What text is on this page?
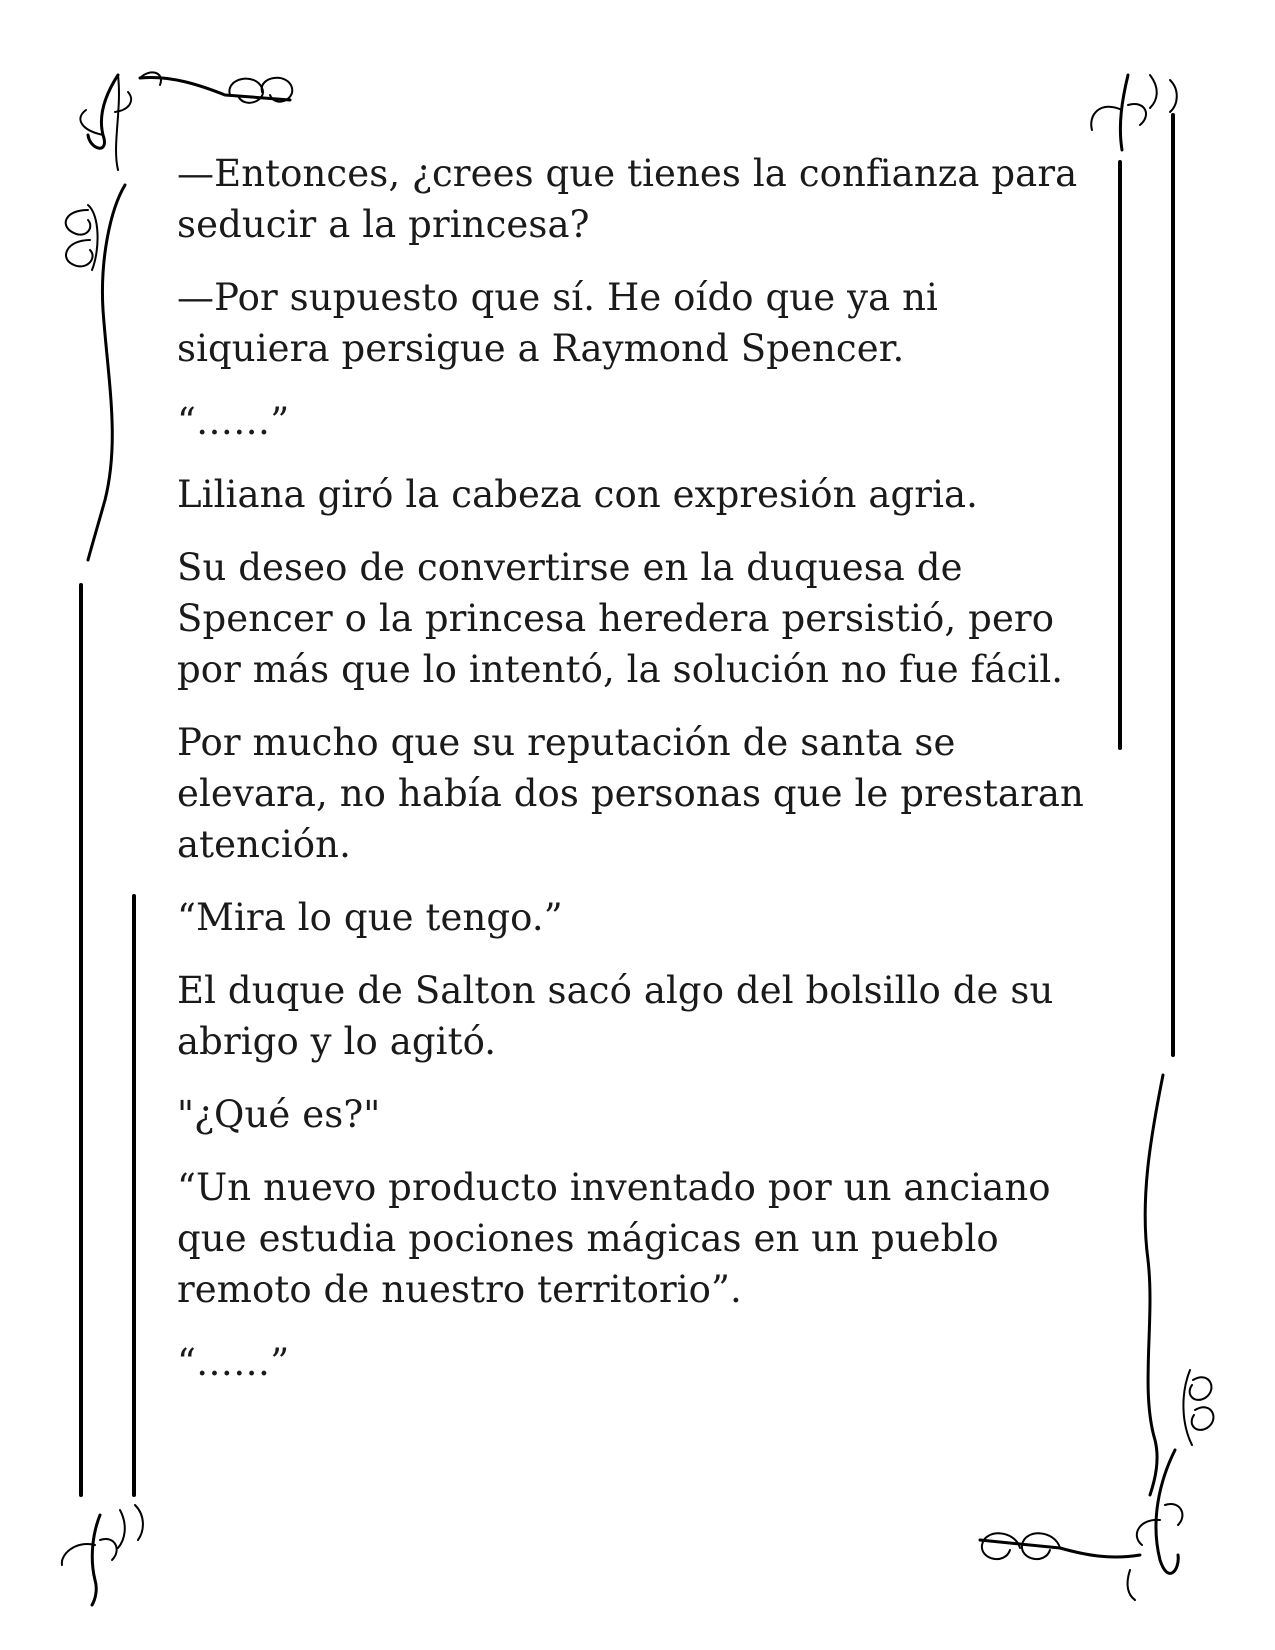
—Entonces, ¿crees que tienes la confianza para seducir a la princesa?

—Por supuesto que sí. He oído que ya ni siquiera persigue a Raymond Spencer.

“……”

Liliana giró la cabeza con expresión agria.

Su deseo de convertirse en la duquesa de Spencer o la princesa heredera persistió, pero por más que lo intentó, la solución no fue fácil.

Por mucho que su reputación de santa se elevara, no había dos personas que le prestaran atención.

“Mira lo que tengo.”

El duque de Salton sacó algo del bolsillo de su abrigo y lo agitó.

"¿Qué es?"

“Un nuevo producto inventado por un anciano que estudia pociones mágicas en un pueblo remoto de nuestro territorio”.

“……”
